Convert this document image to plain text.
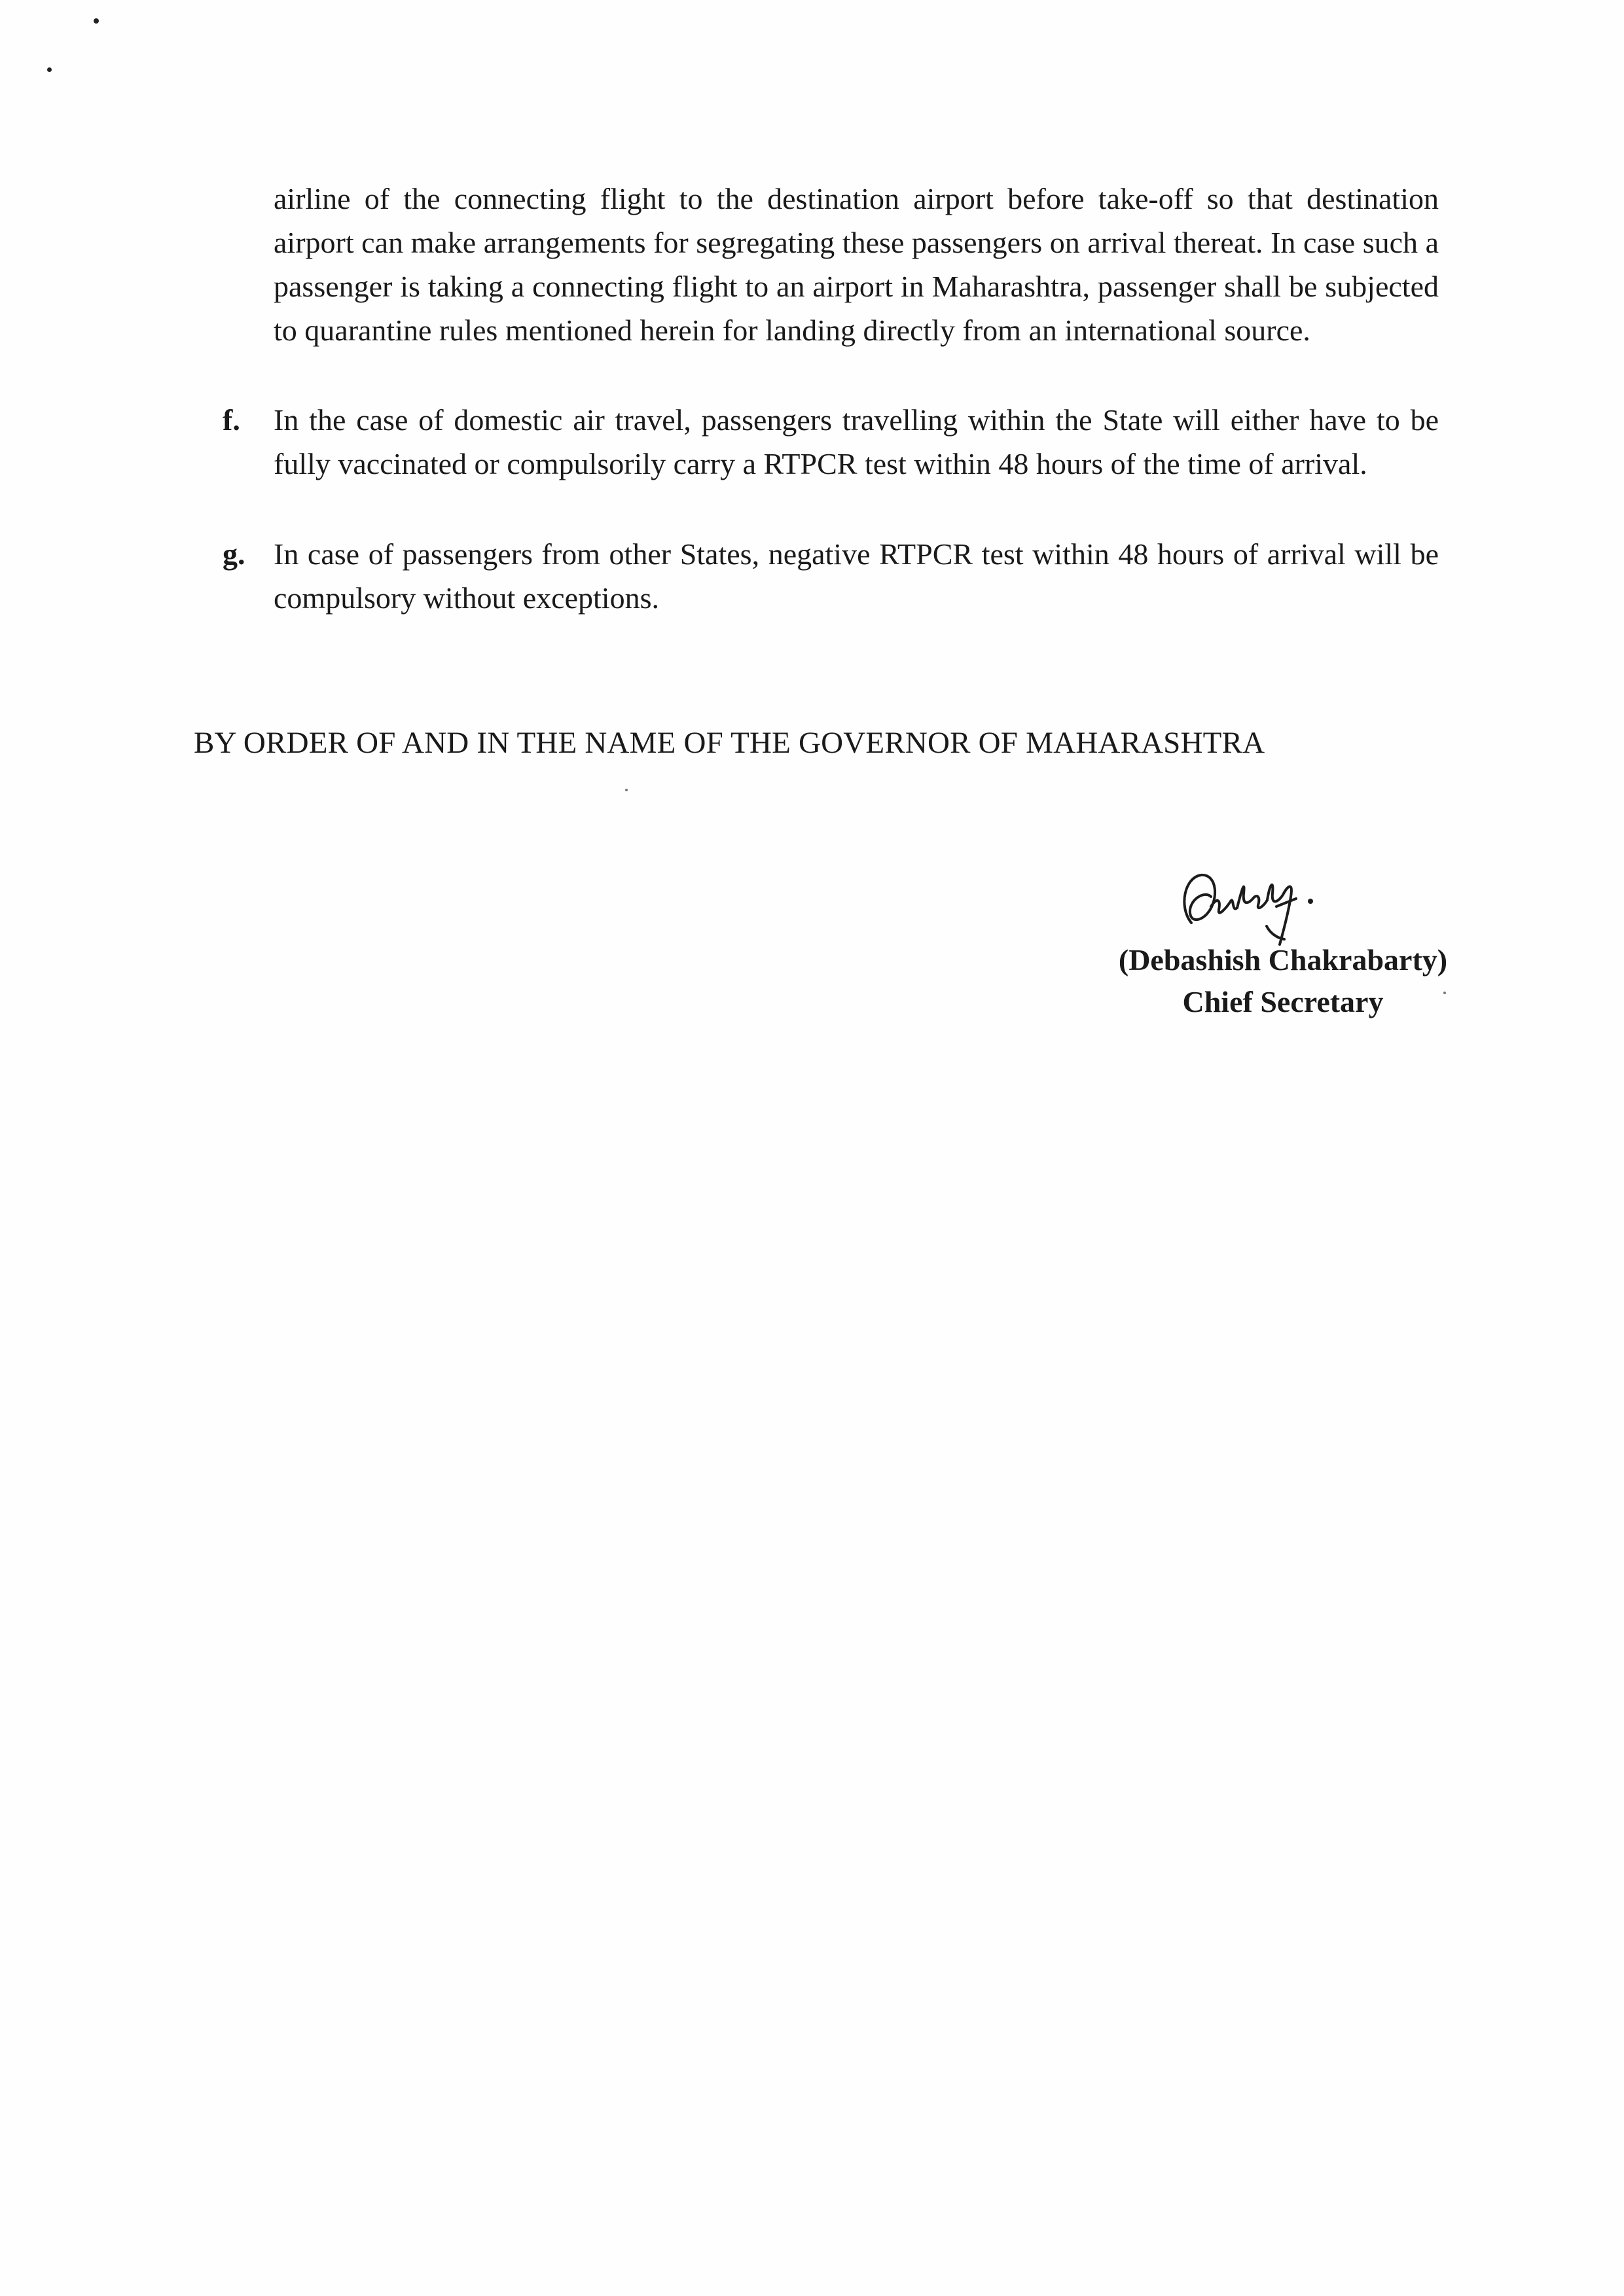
airline of the connecting flight to the destination airport before take-off so that destination airport can make arrangements for segregating these passengers on arrival thereat. In case such a passenger is taking a connecting flight to an airport in Maharashtra, passenger shall be subjected to quarantine rules mentioned herein for landing directly from an international source.
f.	In the case of domestic air travel, passengers travelling within the State will either have to be fully vaccinated or compulsorily carry a RTPCR test within 48 hours of the time of arrival.
g. In case of passengers from other States, negative RTPCR test within 48 hours of arrival will be compulsory without exceptions.
BY ORDER OF AND IN THE NAME OF THE GOVERNOR OF MAHARASHTRA
(Debashish Chakrabarty)
Chief Secretary
